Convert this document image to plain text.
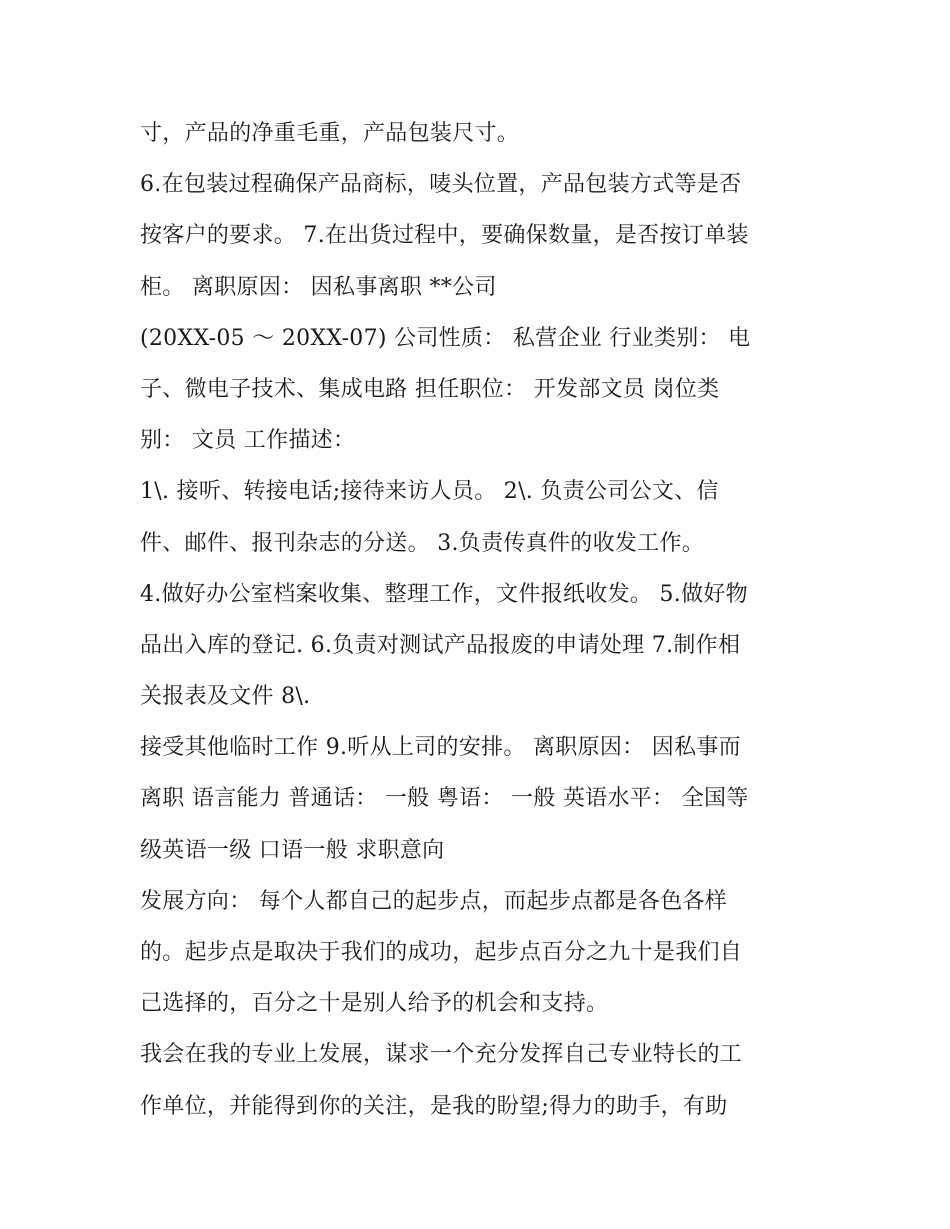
寸，产品的净重毛重，产品包装尺寸。
6.在包装过程确保产品商标，唛头位置，产品包装方式等是否
按客户的要求。 7.在出货过程中，要确保数量，是否按订单装
柜。 离职原因： 因私事离职 **公司
(20XX-05 ～ 20XX-07) 公司性质： 私营企业 行业类别： 电
子、微电子技术、集成电路 担任职位： 开发部文员 岗位类
别： 文员 工作描述：
1\. 接听、转接电话;接待来访人员。 2\. 负责公司公文、信
件、邮件、报刊杂志的分送。 3.负责传真件的收发工作。
4.做好办公室档案收集、整理工作，文件报纸收发。 5.做好物
品出入库的登记. 6.负责对测试产品报废的申请处理 7.制作相
关报表及文件 8\.
接受其他临时工作 9.听从上司的安排。 离职原因： 因私事而
离职 语言能力 普通话： 一般 粤语： 一般 英语水平： 全国等
级英语一级 口语一般 求职意向
发展方向： 每个人都自己的起步点，而起步点都是各色各样
的。起步点是取决于我们的成功，起步点百分之九十是我们自
己选择的，百分之十是别人给予的机会和支持。
我会在我的专业上发展，谋求一个充分发挥自己专业特长的工
作单位，并能得到你的关注，是我的盼望;得力的助手，有助
